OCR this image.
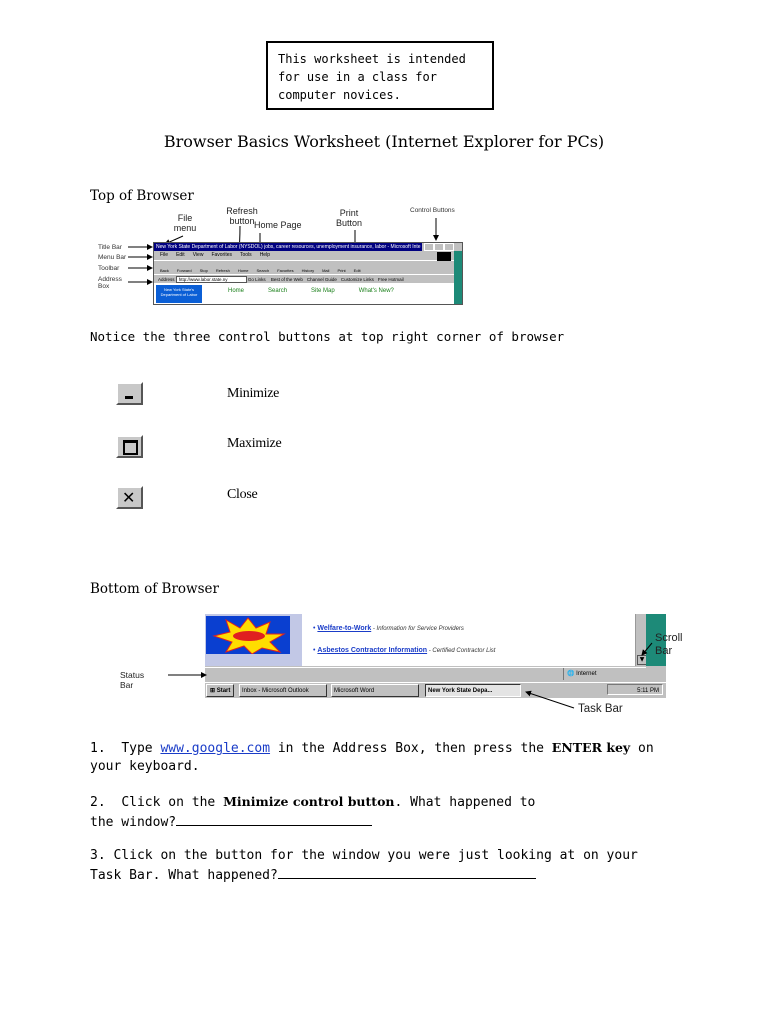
This worksheet is intended for use in a class for computer novices.
Browser Basics Worksheet (Internet Explorer for PCs)
Top of Browser
File menu
Refresh button Home Page
Print Button
Control Buttons
Title Bar
Menu Bar
Toolbar
Address Box
New York State Department of Labor (NYSDOL) jobs, career resources, unemployment insurance, labor - Microsoft Inte
File Edit View Favorites Tools Help
Back Forward Stop Refresh Home Search Favorites History Mail Print Edit
Address http://www.labor.state.ny	Go Links Best of the Web Channel Guide Customize Links Free Hotmail
New York State's Department of Labor
Home	Search	Site Map	What's New?
Notice the three control buttons at top right corner of browser
Minimize
Maximize
✕	Close
Bottom of Browser
• Welfare-to-Work - Information for Service Providers
• Asbestos Contractor Information - Certified Contractor List
▼
🌐 Internet
⊞ Start	Inbox - Microsoft Outlook	Microsoft Word	New York State Depa...	5:11 PM
Status Bar
Scroll Bar
Task Bar
1. Type www.google.com in the Address Box, then press the ENTER key on your keyboard.
2. Click on the Minimize control button. What happened to the window?
3. Click on the button for the window you were just looking at on your Task Bar. What happened?
